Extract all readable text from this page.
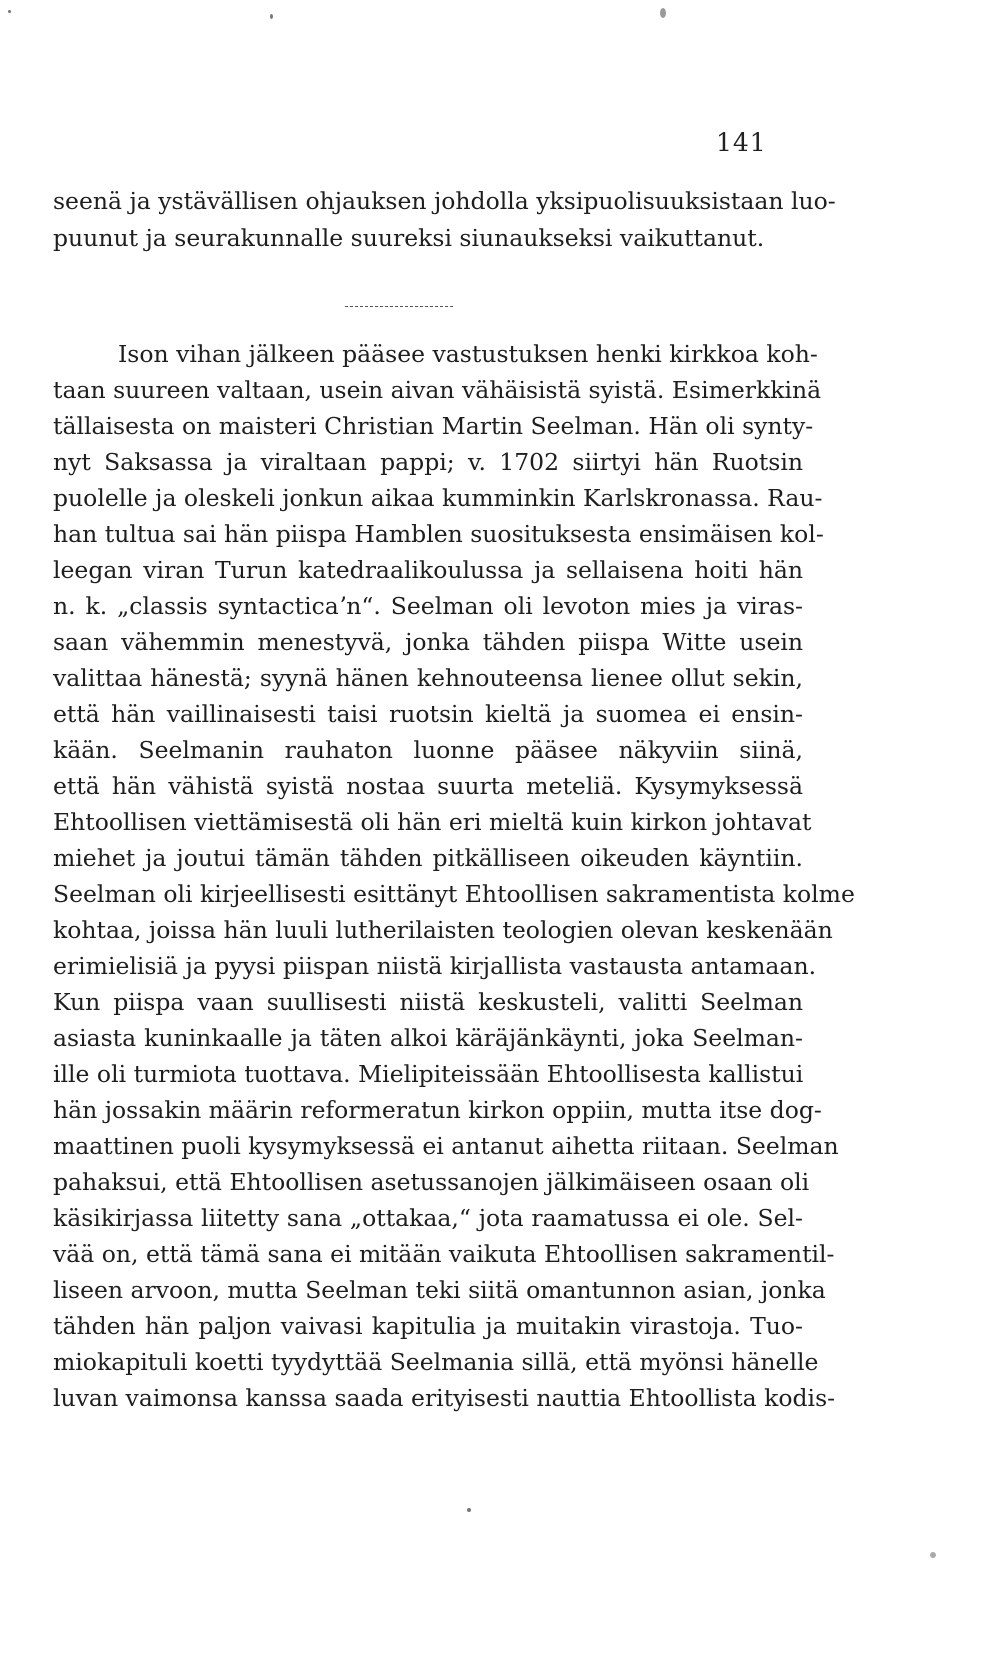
141
seenä ja ystävällisen ohjauksen johdolla yksipuolisuuksistaan luo-
puunut ja seurakunnalle suureksi siunaukseksi vaikuttanut.
Ison vihan jälkeen pääsee vastustuksen henki kirkkoa koh-
taan suureen valtaan, usein aivan vähäisistä syistä. Esimerkkinä
tällaisesta on maisteri Christian Martin Seelman. Hän oli synty-
nyt Saksassa ja viraltaan pappi; v. 1702 siirtyi hän Ruotsin
puolelle ja oleskeli jonkun aikaa kumminkin Karlskronassa. Rau-
han tultua sai hän piispa Hamblen suosituksesta ensimäisen kol-
leegan viran Turun katedraalikoulussa ja sellaisena hoiti hän
n. k. „classis syntacticaʼn“. Seelman oli levoton mies ja viras-
saan vähemmin menestyvä, jonka tähden piispa Witte usein
valittaa hänestä; syynä hänen kehnouteensa lienee ollut sekin,
että hän vaillinaisesti taisi ruotsin kieltä ja suomea ei ensin-
kään. Seelmanin rauhaton luonne pääsee näkyviin siinä,
että hän vähistä syistä nostaa suurta meteliä. Kysymyksessä
Ehtoollisen viettämisestä oli hän eri mieltä kuin kirkon johtavat
miehet ja joutui tämän tähden pitkälliseen oikeuden käyntiin.
Seelman oli kirjeellisesti esittänyt Ehtoollisen sakramentista kolme
kohtaa, joissa hän luuli lutherilaisten teologien olevan keskenään
erimielisiä ja pyysi piispan niistä kirjallista vastausta antamaan.
Kun piispa vaan suullisesti niistä keskusteli, valitti Seelman
asiasta kuninkaalle ja täten alkoi käräjänkäynti, joka Seelman-
ille oli turmiota tuottava. Mielipiteissään Ehtoollisesta kallistui
hän jossakin määrin reformeratun kirkon oppiin, mutta itse dog-
maattinen puoli kysymyksessä ei antanut aihetta riitaan. Seelman
pahaksui, että Ehtoollisen asetussanojen jälkimäiseen osaan oli
käsikirjassa liitetty sana „ottakaa,“ jota raamatussa ei ole. Sel-
vää on, että tämä sana ei mitään vaikuta Ehtoollisen sakramentil-
liseen arvoon, mutta Seelman teki siitä omantunnon asian, jonka
tähden hän paljon vaivasi kapitulia ja muitakin virastoja. Tuo-
miokapituli koetti tyydyttää Seelmania sillä, että myönsi hänelle
luvan vaimonsa kanssa saada erityisesti nauttia Ehtoollista kodis-
